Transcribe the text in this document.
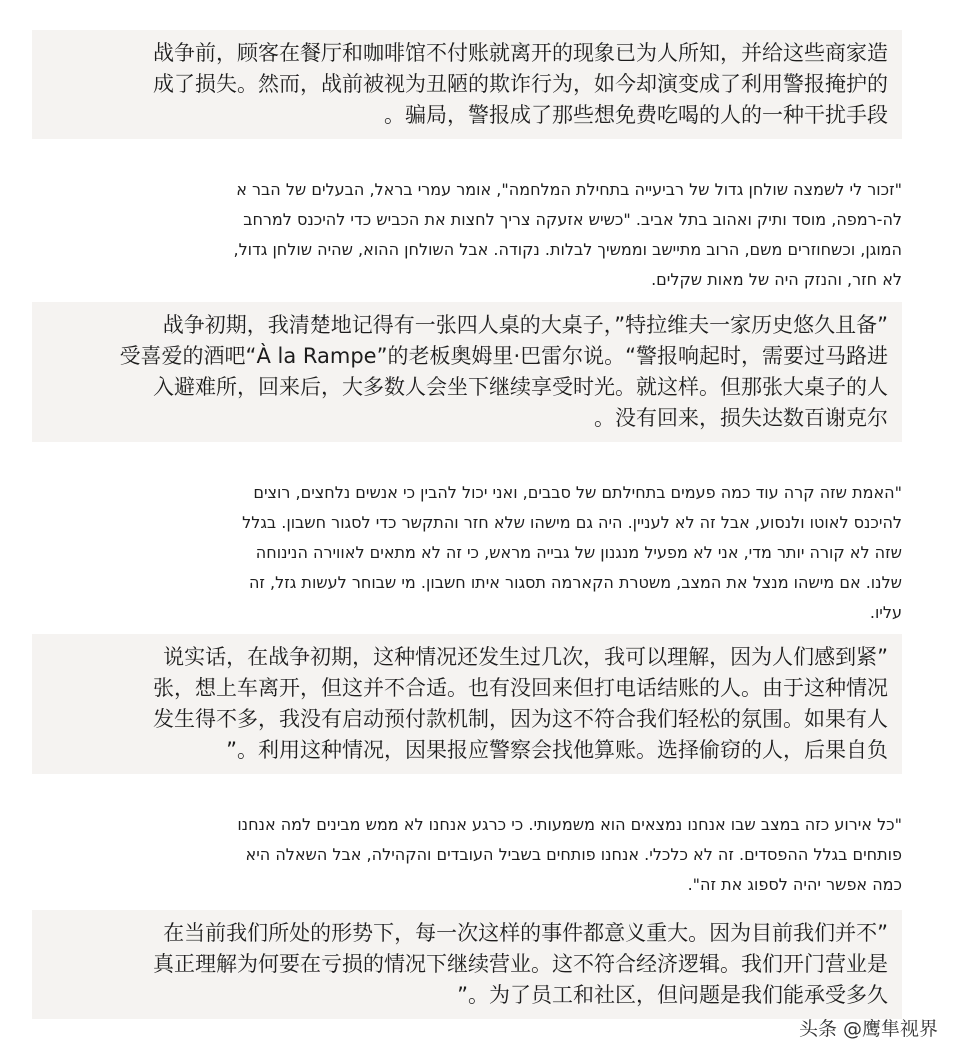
战争前，顾客在餐厅和咖啡馆不付账就离开的现象已为人所知，并给这些商家造
成了损失。然而，战前被视为丑陋的欺诈行为，如今却演变成了利用警报掩护的
。骗局，警报成了那些想免费吃喝的人的一种干扰手段
"זכור לי לשמצה שולחן גדול של רביעייה בתחילת המלחמה", אומר עמרי בראל, הבעלים של הבר א
לה-רמפה, מוסד ותיק ואהוב בתל אביב. "כשיש אזעקה צריך לחצות את הכביש כדי להיכנס למרחב
המוגן, וכשחוזרים משם, הרוב מתיישב וממשיך לבלות. נקודה. אבל השולחן ההוא, שהיה שולחן גדול,
לא חזר, והנזק היה של מאות שקלים.
战争初期，我清楚地记得有一张四人桌的大桌子，”特拉维夫一家历史悠久且备”
受喜爱的酒吧“À la Rampe”的老板奥姆里·巴雷尔说。“警报响起时，需要过马路进
入避难所，回来后，大多数人会坐下继续享受时光。就这样。但那张大桌子的人
。没有回来，损失达数百谢克尔
"האמת שזה קרה עוד כמה פעמים בתחילתם של סבבים, ואני יכול להבין כי אנשים נלחצים, רוצים
להיכנס לאוטו ולנסוע, אבל זה לא לעניין. היה גם מישהו שלא חזר והתקשר כדי לסגור חשבון. בגלל
שזה לא קורה יותר מדי, אני לא מפעיל מנגנון של גבייה מראש, כי זה לא מתאים לאווירה הנינוחה
שלנו. אם מישהו מנצל את המצב, משטרת הקארמה תסגור איתו חשבון. מי שבוחר לעשות גזל, זה
עליו.
说实话，在战争初期，这种情况还发生过几次，我可以理解，因为人们感到紧”
张，想上车离开，但这并不合适。也有没回来但打电话结账的人。由于这种情况
发生得不多，我没有启动预付款机制，因为这不符合我们轻松的氛围。如果有人
”。利用这种情况，因果报应警察会找他算账。选择偷窃的人，后果自负
"כל אירוע כזה במצב שבו אנחנו נמצאים הוא משמעותי. כי כרגע אנחנו לא ממש מבינים למה אנחנו
פותחים בגלל ההפסדים. זה לא כלכלי. אנחנו פותחים בשביל העובדים והקהילה, אבל השאלה היא
כמה אפשר יהיה לספוג את זה".
在当前我们所处的形势下，每一次这样的事件都意义重大。因为目前我们并不”
真正理解为何要在亏损的情况下继续营业。这不符合经济逻辑。我们开门营业是
”。为了员工和社区，但问题是我们能承受多久
头条 @鹰隼视界
